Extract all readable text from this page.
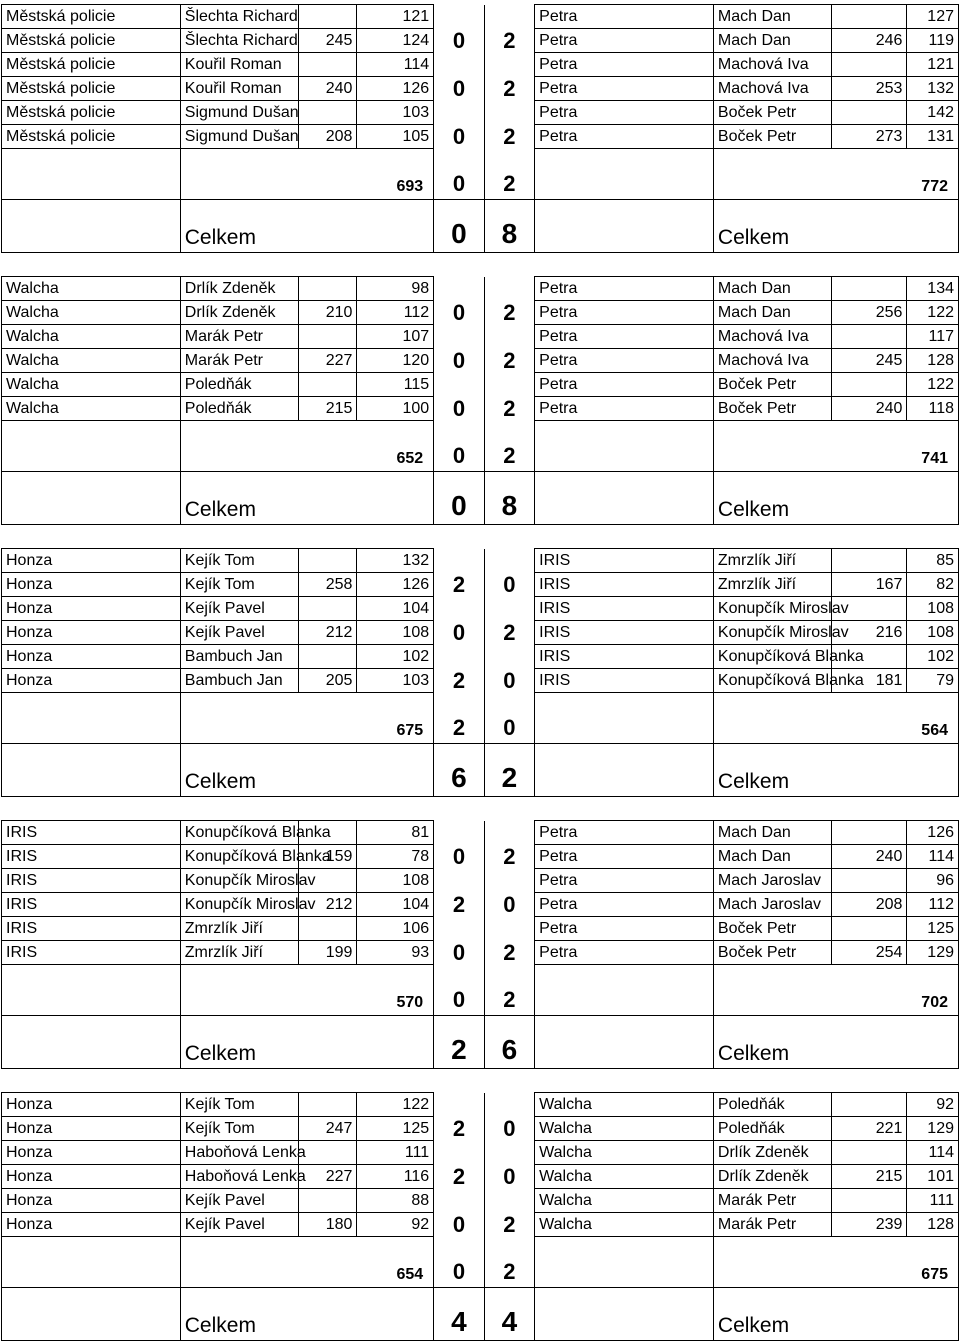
Městská policie	Šlechta Richard		121			Petra	Mach Dan		127
Městská policie	Šlechta Richard	245	124	0	2	Petra	Mach Dan	246	119
Městská policie	Kouřil Roman		114			Petra	Machová Iva		121
Městská policie	Kouřil Roman	240	126	0	2	Petra	Machová Iva	253	132
Městská policie	Sigmund Dušan		103			Petra	Boček Petr		142
Městská policie	Sigmund Dušan	208	105	0	2	Petra	Boček Petr	273	131
	693			0	2		772		
	Celkem			0	8		Celkem		
Walcha	Drlík Zdeněk		98			Petra	Mach Dan		134
Walcha	Drlík Zdeněk	210	112	0	2	Petra	Mach Dan	256	122
Walcha	Marák Petr		107			Petra	Machová Iva		117
Walcha	Marák Petr	227	120	0	2	Petra	Machová Iva	245	128
Walcha	Poledňák		115			Petra	Boček Petr		122
Walcha	Poledňák	215	100	0	2	Petra	Boček Petr	240	118
	652			0	2		741		
	Celkem			0	8		Celkem		
Honza	Kejík Tom		132			IRIS	Zmrzlík Jiří		85
Honza	Kejík Tom	258	126	2	0	IRIS	Zmrzlík Jiří	167	82
Honza	Kejík Pavel		104			IRIS	Konupčík Miroslav		108
Honza	Kejík Pavel	212	108	0	2	IRIS	Konupčík Miroslav	216	108
Honza	Bambuch Jan		102			IRIS	Konupčíková Blanka		102
Honza	Bambuch Jan	205	103	2	0	IRIS	Konupčíková Blanka	181	79
	675			2	0		564		
	Celkem			6	2		Celkem		
IRIS	Konupčíková Blanka		81			Petra	Mach Dan		126
IRIS	Konupčíková Blanka	159	78	0	2	Petra	Mach Dan	240	114
IRIS	Konupčík Miroslav		108			Petra	Mach Jaroslav		96
IRIS	Konupčík Miroslav	212	104	2	0	Petra	Mach Jaroslav	208	112
IRIS	Zmrzlík Jiří		106			Petra	Boček Petr		125
IRIS	Zmrzlík Jiří	199	93	0	2	Petra	Boček Petr	254	129
	570			0	2		702		
	Celkem			2	6		Celkem		
Honza	Kejík Tom		122			Walcha	Poledňák		92
Honza	Kejík Tom	247	125	2	0	Walcha	Poledňák	221	129
Honza	Haboňová Lenka		111			Walcha	Drlík Zdeněk		114
Honza	Haboňová Lenka	227	116	2	0	Walcha	Drlík Zdeněk	215	101
Honza	Kejík Pavel		88			Walcha	Marák Petr		111
Honza	Kejík Pavel	180	92	0	2	Walcha	Marák Petr	239	128
	654			0	2		675		
	Celkem			4	4		Celkem		
